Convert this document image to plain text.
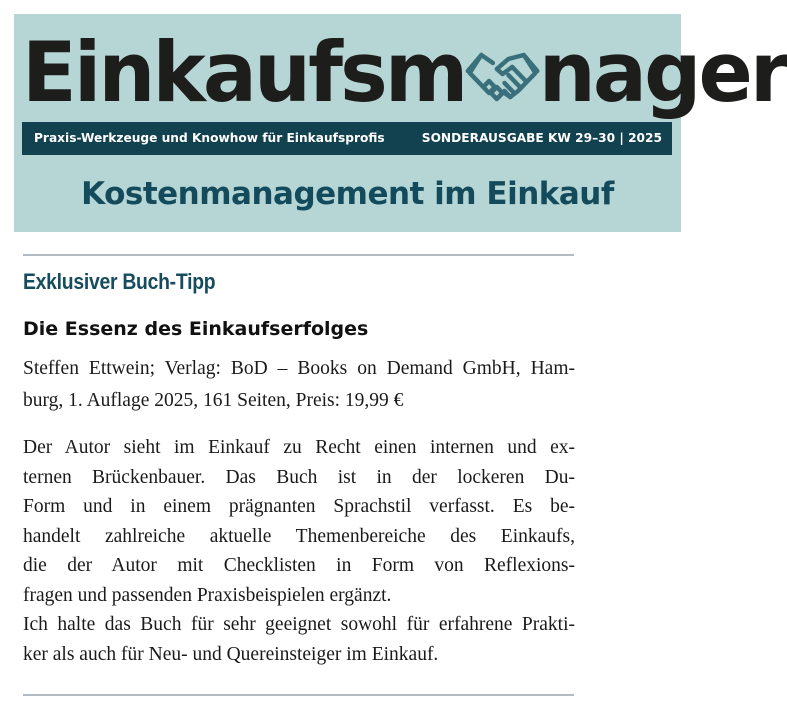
Einkaufsm nager
Praxis-Werkzeuge und Knowhow für Einkaufsprofis	SONDERAUSGABE KW 29–30 | 2025
Kostenmanagement im Einkauf
Exklusiver Buch-Tipp
Die Essenz des Einkaufserfolges
Steffen Ettwein; Verlag: BoD – Books on Demand GmbH, Ham-
burg, 1. Auflage 2025, 161 Seiten, Preis: 19,99 €
Der Autor sieht im Einkauf zu Recht einen internen und ex-
ternen Brückenbauer. Das Buch ist in der lockeren Du-
Form und in einem prägnanten Sprachstil verfasst. Es be-
handelt zahlreiche aktuelle Themenbereiche des Einkaufs,
die der Autor mit Checklisten in Form von Reflexions-
fragen und passenden Praxisbeispielen ergänzt.
Ich halte das Buch für sehr geeignet sowohl für erfahrene Prakti-
ker als auch für Neu- und Quereinsteiger im Einkauf.
